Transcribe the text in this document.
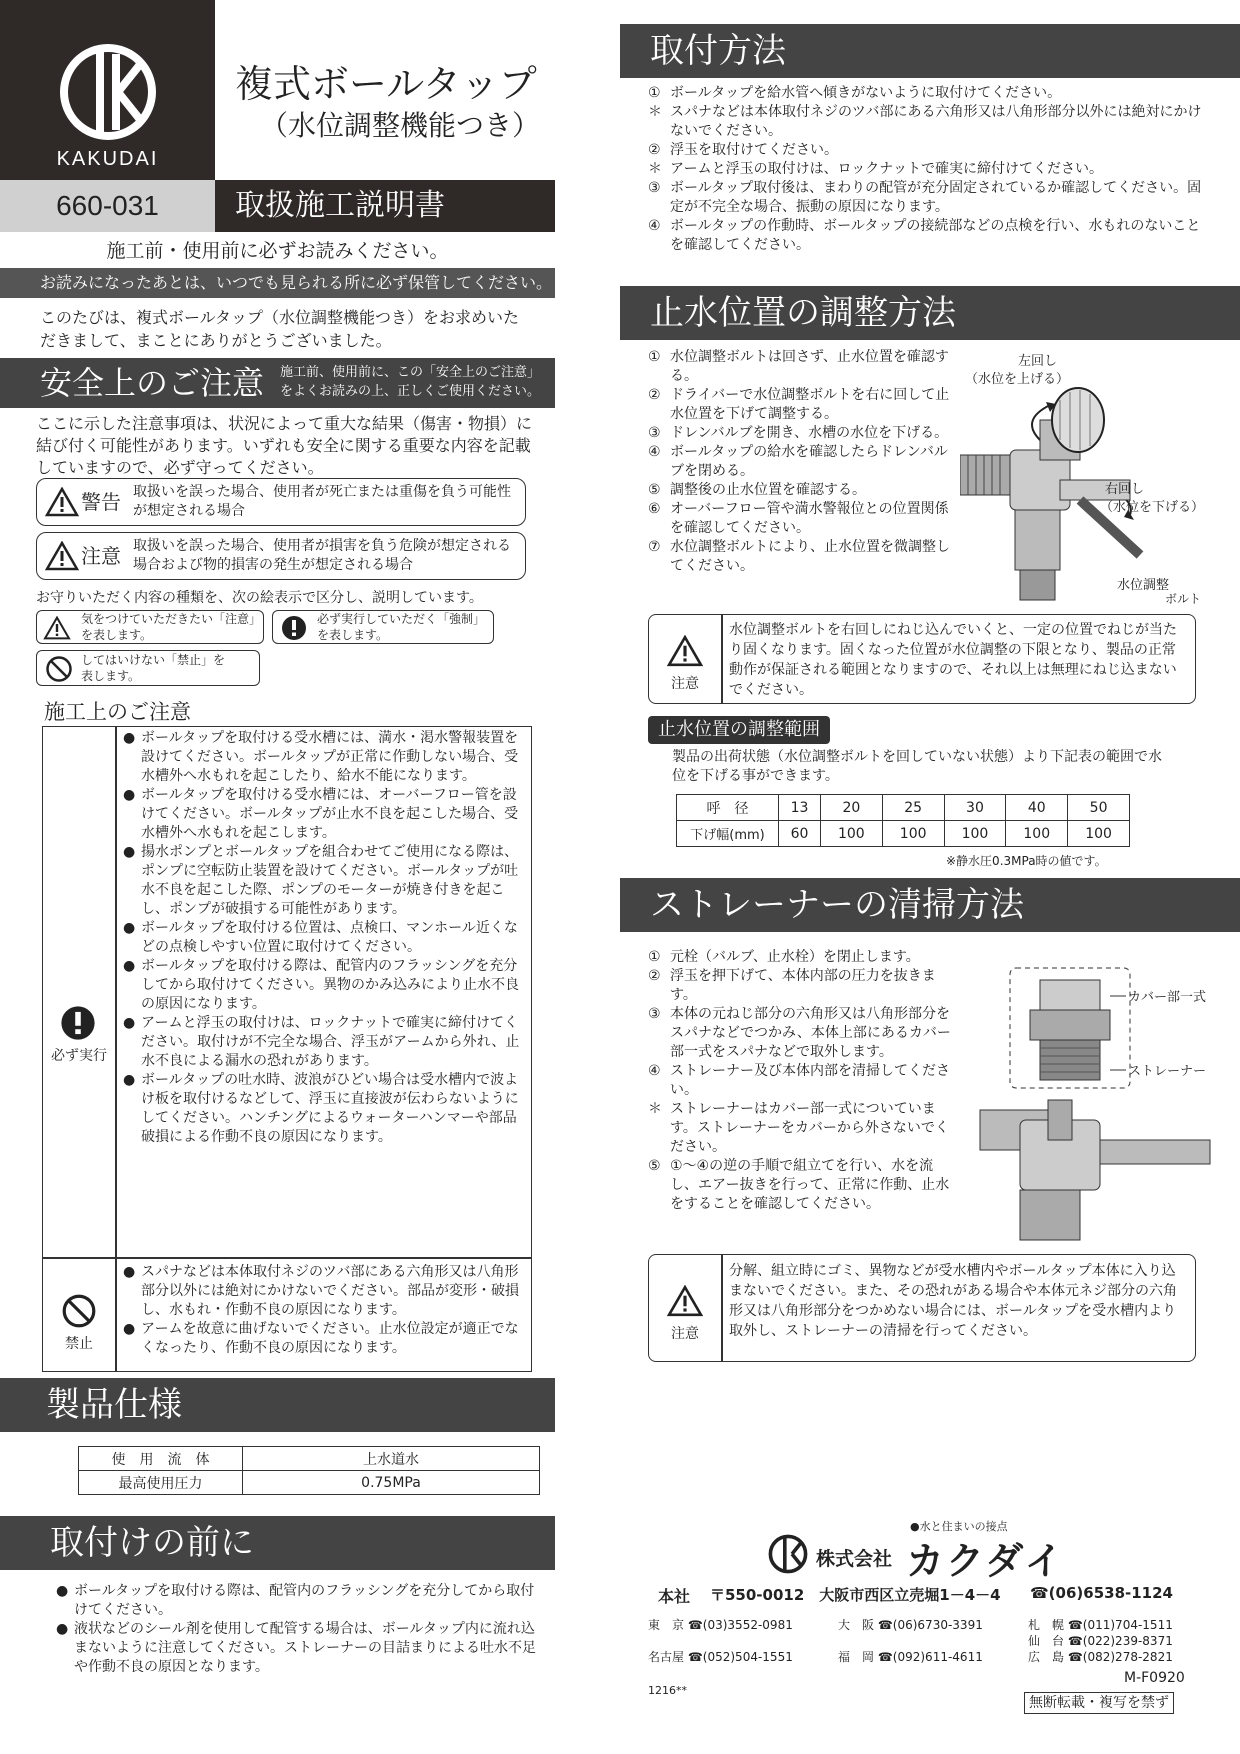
KAKUDAI
複式ボールタップ
（水位調整機能つき）
660-031	取扱施工説明書
施工前・使用前に必ずお読みください。
お読みになったあとは、いつでも見られる所に必ず保管してください。
このたびは、複式ボールタップ（水位調整機能つき）をお求めいただきまして、まことにありがとうございました。
安全上のご注意 施工前、使用前に、この「安全上のご注意」をよくお読みの上、正しくご使用ください。
ここに示した注意事項は、状況によって重大な結果（傷害・物損）に結び付く可能性があります。いずれも安全に関する重要な内容を記載していますので、必ず守ってください。
警告 取扱いを誤った場合、使用者が死亡または重傷を負う可能性が想定される場合
注意 取扱いを誤った場合、使用者が損害を負う危険が想定される場合および物的損害の発生が想定される場合
お守りいただく内容の種類を、次の絵表示で区分し、説明しています。
気をつけていただきたい「注意」を表します。
必ず実行していただく「強制」を表します。
してはいけない「禁止」を表します。
施工上のご注意
必ず実行
● ボールタップを取付ける受水槽には、満水・渇水警報装置を設けてください。ボールタップが正常に作動しない場合、受水槽外へ水もれを起こしたり、給水不能になります。
● ボールタップを取付ける受水槽には、オーバーフロー管を設けてください。ボールタップが止水不良を起こした場合、受水槽外へ水もれを起こします。
● 揚水ポンプとボールタップを組合わせてご使用になる際は、ポンプに空転防止装置を設けてください。ボールタップが吐水不良を起こした際、ポンプのモーターが焼き付きを起こし、ポンプが破損する可能性があります。
● ボールタップを取付ける位置は、点検口、マンホール近くなどの点検しやすい位置に取付けてください。
● ボールタップを取付ける際は、配管内のフラッシングを充分してから取付けてください。異物のかみ込みにより止水不良の原因になります。
● アームと浮玉の取付けは、ロックナットで確実に締付けてください。取付けが不完全な場合、浮玉がアームから外れ、止水不良による漏水の恐れがあります。
● ボールタップの吐水時、波浪がひどい場合は受水槽内で波よけ板を取付けるなどして、浮玉に直接波が伝わらないようにしてください。ハンチングによるウォーターハンマーや部品破損による作動不良の原因になります。
禁止
● スパナなどは本体取付ネジのツバ部にある六角形又は八角形部分以外には絶対にかけないでください。部品が変形・破損し、水もれ・作動不良の原因になります。
● アームを故意に曲げないでください。止水位設定が適正でなくなったり、作動不良の原因になります。
製品仕様
使　用　流　体	上水道水
最高使用圧力	0.75MPa
取付けの前に
● ボールタップを取付ける際は、配管内のフラッシングを充分してから取付けてください。
● 液状などのシール剤を使用して配管する場合は、ボールタップ内に流れ込まないように注意してください。ストレーナーの目詰まりによる吐水不足や作動不良の原因となります。
取付方法
① ボールタップを給水管へ傾きがないように取付けてください。
＊ スパナなどは本体取付ネジのツバ部にある六角形又は八角形部分以外には絶対にかけないでください。
② 浮玉を取付けてください。
＊ アームと浮玉の取付けは、ロックナットで確実に締付けてください。
③ ボールタップ取付後は、まわりの配管が充分固定されているか確認してください。固定が不完全な場合、振動の原因になります。
④ ボールタップの作動時、ボールタップの接続部などの点検を行い、水もれのないことを確認してください。
止水位置の調整方法
① 水位調整ボルトは回さず、止水位置を確認する。
② ドライバーで水位調整ボルトを右に回して止水位置を下げて調整する。
③ ドレンバルブを開き、水槽の水位を下げる。
④ ボールタップの給水を確認したらドレンバルブを閉める。
⑤ 調整後の止水位置を確認する。
⑥ オーバーフロー管や満水警報位との位置関係を確認してください。
⑦ 水位調整ボルトにより、止水位置を微調整してください。
左回し
（水位を上げる）
右回し
（水位を下げる）
水位調整
ボルト
注意
水位調整ボルトを右回しにねじ込んでいくと、一定の位置でねじが当たり固くなります。固くなった位置が水位調整の下限となり、製品の正常動作が保証される範囲となりますので、それ以上は無理にねじ込まないでください。
止水位置の調整範囲
製品の出荷状態（水位調整ボルトを回していない状態）より下記表の範囲で水位を下げる事ができます。
呼　径	13	20	25	30	40	50
下げ幅(mm)	60	100	100	100	100	100
※静水圧0.3MPa時の値です。
ストレーナーの清掃方法
① 元栓（バルブ、止水栓）を閉止します。
② 浮玉を押下げて、本体内部の圧力を抜きます。
③ 本体の元ねじ部分の六角形又は八角形部分をスパナなどでつかみ、本体上部にあるカバー部一式をスパナなどで取外します。
④ ストレーナー及び本体内部を清掃してください。
＊ ストレーナーはカバー部一式についています。ストレーナーをカバーから外さないでください。
⑤ ①～④の逆の手順で組立てを行い、水を流し、エアー抜きを行って、正常に作動、止水をすることを確認してください。
カバー部一式
ストレーナー
注意
分解、組立時にゴミ、異物などが受水槽内やボールタップ本体に入り込まないでください。また、その恐れがある場合や本体元ネジ部分の六角形又は八角形部分をつかめない場合には、ボールタップを受水槽内より取外し、ストレーナーの清掃を行ってください。
●水と住まいの接点
株式会社 カクダイ
本社 〒550-0012　大阪市西区立売堀1－4－4 ☎(06)6538-1124
東　京 ☎(03)3552-0981	大　阪 ☎(06)6730-3391	札　幌 ☎(011)704-1511
仙　台 ☎(022)239-8371
名古屋 ☎(052)504-1551	福　岡 ☎(092)611-4611	広　島 ☎(082)278-2821
1216**
M-F0920
無断転載・複写を禁ず
